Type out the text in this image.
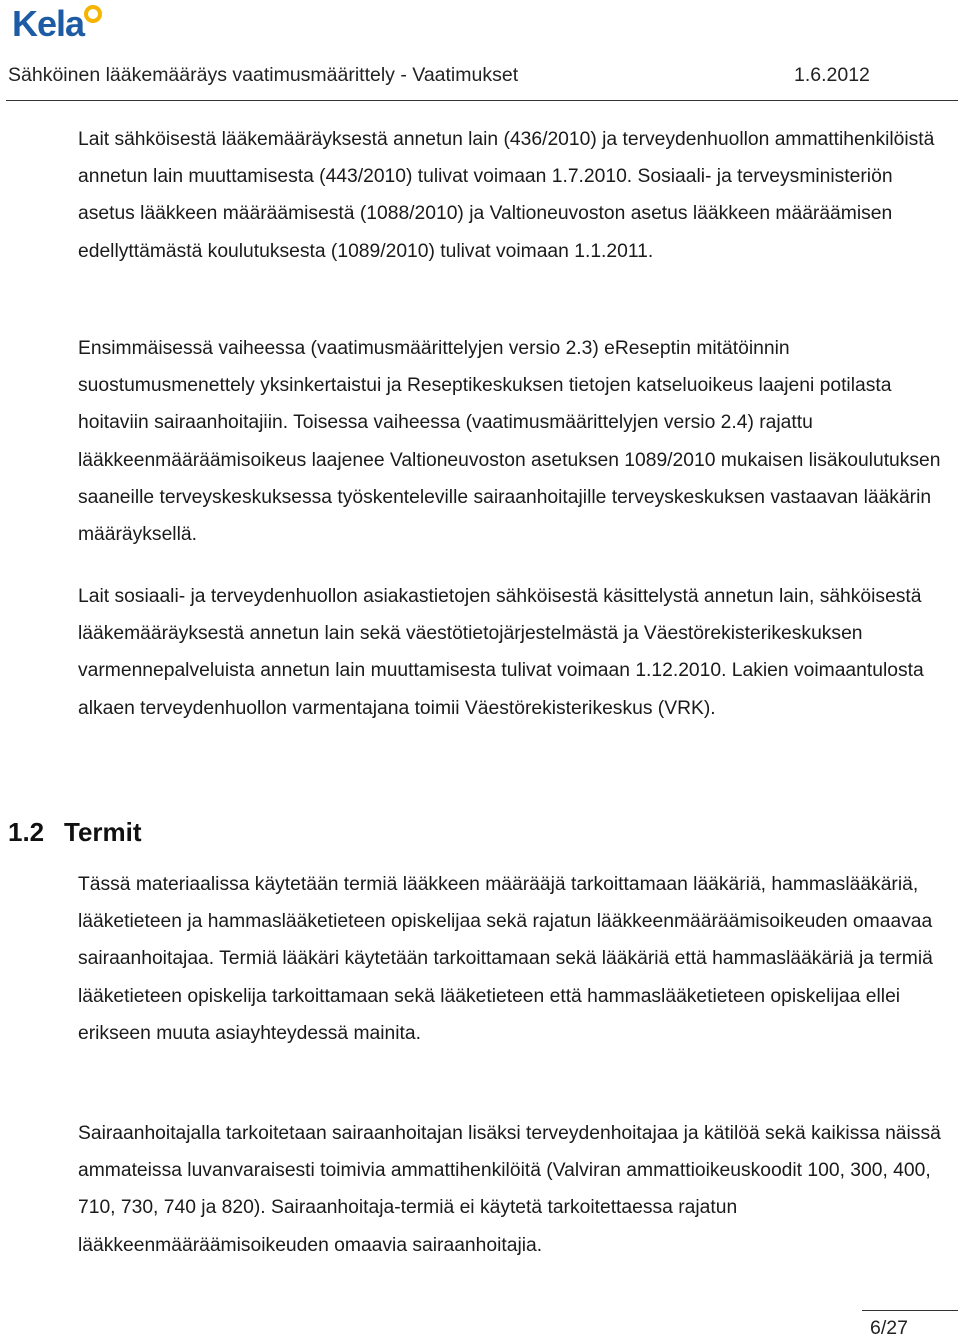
Kela
Sähköinen lääkemääräys vaatimusmäärittely - Vaatimukset	1.6.2012

Lait sähköisestä lääkemääräyksestä annetun lain (436/2010) ja terveydenhuollon ammattihenkilöistä annetun lain muuttamisesta (443/2010) tulivat voimaan 1.7.2010. Sosiaali- ja terveysministeriön asetus lääkkeen määräämisestä (1088/2010) ja Valtioneuvoston asetus lääkkeen määräämisen edellyttämästä koulutuksesta (1089/2010) tulivat voimaan 1.1.2011.

Ensimmäisessä vaiheessa (vaatimusmäärittelyjen versio 2.3) eReseptin mitätöinnin suostumusmenettely yksinkertaistui ja Reseptikeskuksen tietojen katseluoikeus laajeni potilasta hoitaviin sairaanhoitajiin. Toisessa vaiheessa (vaatimusmäärittelyjen versio 2.4) rajattu lääkkeenmääräämisoikeus laajenee Valtioneuvoston asetuksen 1089/2010 mukaisen lisäkoulutuksen saaneille terveyskeskuksessa työskenteleville sairaanhoitajille terveyskeskuksen vastaavan lääkärin määräyksellä.

Lait sosiaali- ja terveydenhuollon asiakastietojen sähköisestä käsittelystä annetun lain, sähköisestä lääkemääräyksestä annetun lain sekä väestötietojärjestelmästä ja Väestörekisterikeskuksen varmennepalveluista annetun lain muuttamisesta tulivat voimaan 1.12.2010. Lakien voimaantulosta alkaen terveydenhuollon varmentajana toimii Väestörekisterikeskus (VRK).

1.2 Termit

Tässä materiaalissa käytetään termiä lääkkeen määrääjä tarkoittamaan lääkäriä, hammaslääkäriä, lääketieteen ja hammaslääketieteen opiskelijaa sekä rajatun lääkkeenmääräämisoikeuden omaavaa sairaanhoitajaa. Termiä lääkäri käytetään tarkoittamaan sekä lääkäriä että hammaslääkäriä ja termiä lääketieteen opiskelija tarkoittamaan sekä lääketieteen että hammaslääketieteen opiskelijaa ellei erikseen muuta asiayhteydessä mainita.

Sairaanhoitajalla tarkoitetaan sairaanhoitajan lisäksi terveydenhoitajaa ja kätilöä sekä kaikissa näissä ammateissa luvanvaraisesti toimivia ammattihenkilöitä (Valviran ammattioikeuskoodit 100, 300, 400, 710, 730, 740 ja 820). Sairaanhoitaja-termiä ei käytetä tarkoitettaessa rajatun lääkkeenmääräämisoikeuden omaavia sairaanhoitajia.

6/27
